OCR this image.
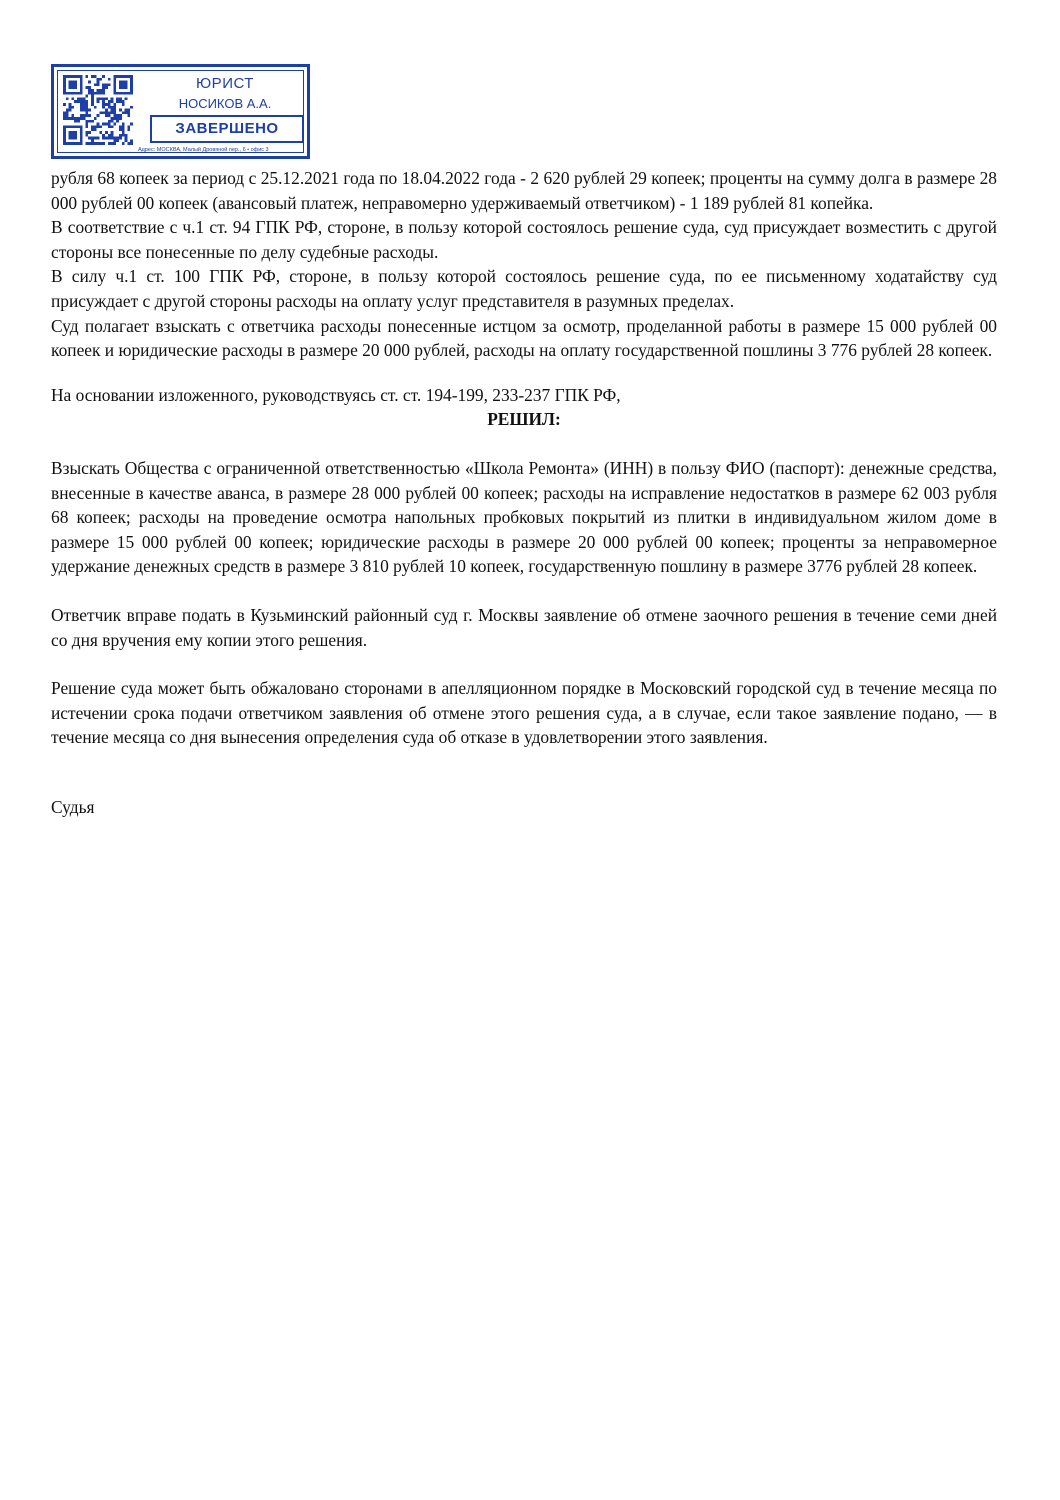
ЮРИСТ
НОСИКОВ А.А.
ЗАВЕРШЕНО
Адрес: МОСКВА, Малый Дровяной пер., 6 • офис 3

рубля 68 копеек за период с 25.12.2021 года по 18.04.2022 года - 2 620 рублей 29 копеек; проценты на сумму долга в размере 28 000 рублей 00 копеек (авансовый платеж, неправомерно удерживаемый ответчиком) - 1 189 рублей 81 копейка.

В соответствие с ч.1 ст. 94 ГПК РФ, стороне, в пользу которой состоялось решение суда, суд присуждает возместить с другой стороны все понесенные по делу судебные расходы.

В силу ч.1 ст. 100 ГПК РФ, стороне, в пользу которой состоялось решение суда, по ее письменному ходатайству суд присуждает с другой стороны расходы на оплату услуг представителя в разумных пределах.

Суд полагает взыскать с ответчика расходы понесенные истцом за осмотр, проделанной работы в размере 15 000 рублей 00 копеек и юридические расходы в размере 20 000 рублей, расходы на оплату государственной пошлины 3 776 рублей 28 копеек.

На основании изложенного, руководствуясь ст. ст. 194-199, 233-237 ГПК РФ,

РЕШИЛ:

Взыскать Общества с ограниченной ответственностью «Школа Ремонта» (ИНН) в пользу ФИО (паспорт): денежные средства, внесенные в качестве аванса, в размере 28 000 рублей 00 копеек; расходы на исправление недостатков в размере 62 003 рубля 68 копеек; расходы на проведение осмотра напольных пробковых покрытий из плитки в индивидуальном жилом доме в размере 15 000 рублей 00 копеек; юридические расходы в размере 20 000 рублей 00 копеек; проценты за неправомерное удержание денежных средств в размере 3 810 рублей 10 копеек, государственную пошлину в размере 3776 рублей 28 копеек.

Ответчик вправе подать в Кузьминский районный суд г. Москвы заявление об отмене заочного решения в течение семи дней со дня вручения ему копии этого решения.

Решение суда может быть обжаловано сторонами в апелляционном порядке в Московский городской суд в течение месяца по истечении срока подачи ответчиком заявления об отмене этого решения суда, а в случае, если такое заявление подано, — в течение месяца со дня вынесения определения суда об отказе в удовлетворении этого заявления.

Судья
